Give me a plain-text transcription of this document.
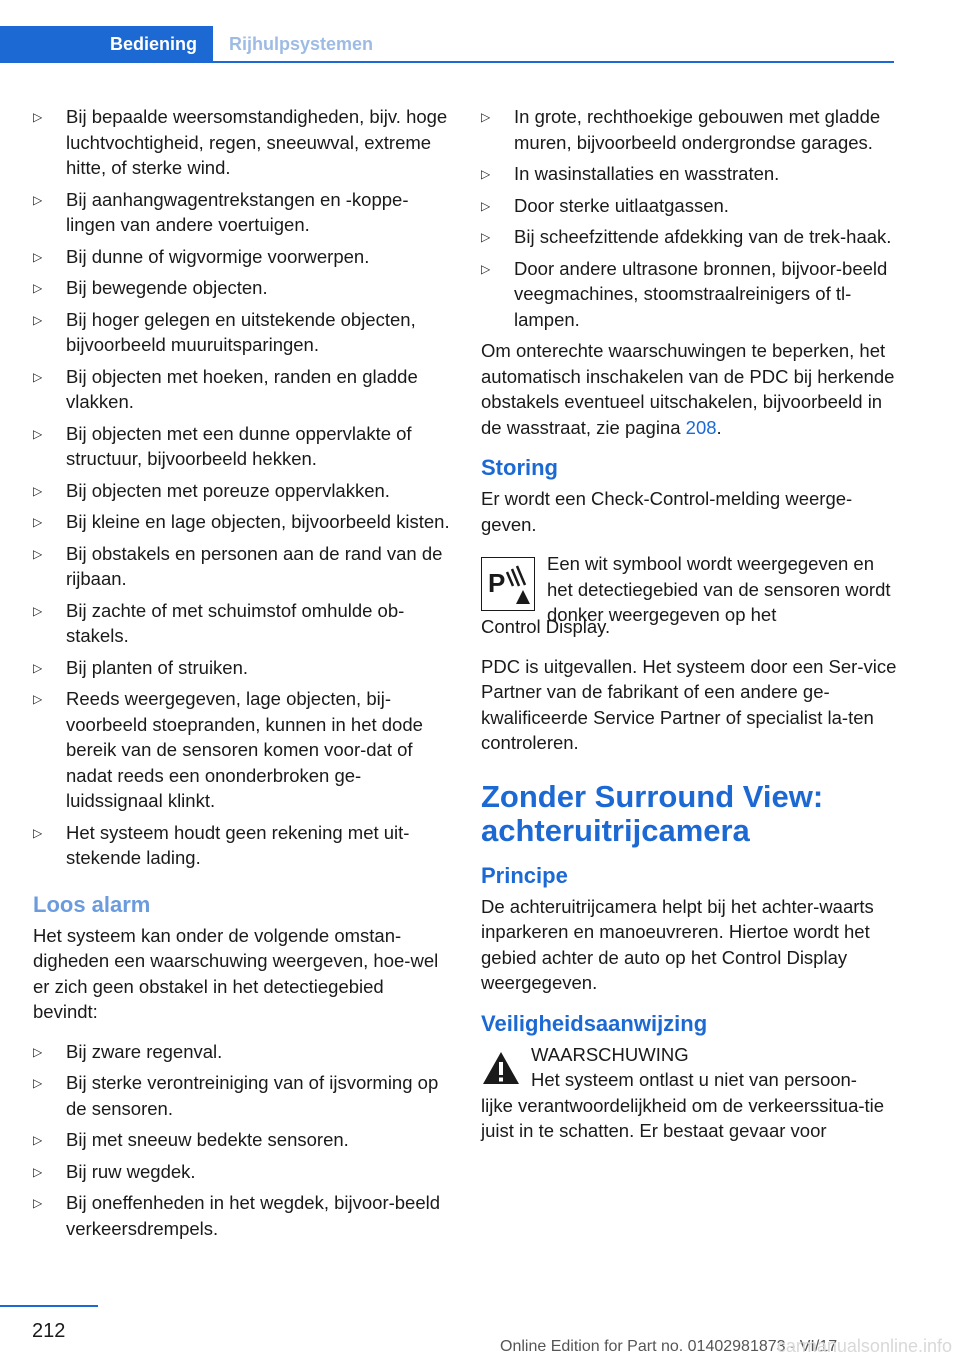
Bediening	Rijhulpsystemen
▷ Bij bepaalde weersomstandigheden, bijv. hoge luchtvochtigheid, regen, sneeuwval, extreme hitte, of sterke wind.
▷ Bij aanhangwagentrekstangen en -koppe-lingen van andere voertuigen.
▷ Bij dunne of wigvormige voorwerpen.
▷ Bij bewegende objecten.
▷ Bij hoger gelegen en uitstekende objecten, bijvoorbeeld muuruitsparingen.
▷ Bij objecten met hoeken, randen en gladde vlakken.
▷ Bij objecten met een dunne oppervlakte of structuur, bijvoorbeeld hekken.
▷ Bij objecten met poreuze oppervlakken.
▷ Bij kleine en lage objecten, bijvoorbeeld kisten.
▷ Bij obstakels en personen aan de rand van de rijbaan.
▷ Bij zachte of met schuimstof omhulde ob-stakels.
▷ Bij planten of struiken.
▷ Reeds weergegeven, lage objecten, bij-voorbeeld stoepranden, kunnen in het dode bereik van de sensoren komen voor-dat of nadat reeds een ononderbroken ge-luidssignaal klinkt.
▷ Het systeem houdt geen rekening met uit-stekende lading.
Loos alarm

Het systeem kan onder de volgende omstan-digheden een waarschuwing weergeven, hoe-wel er zich geen obstakel in het detectiegebied bevindt:

▷ Bij zware regenval.
▷ Bij sterke verontreiniging van of ijsvorming op de sensoren.
▷ Bij met sneeuw bedekte sensoren.
▷ Bij ruw wegdek.
▷ Bij oneffenheden in het wegdek, bijvoor-beeld verkeersdrempels.
▷ In grote, rechthoekige gebouwen met gladde muren, bijvoorbeeld ondergrondse garages.
▷ In wasinstallaties en wasstraten.
▷ Door sterke uitlaatgassen.
▷ Bij scheefzittende afdekking van de trek-haak.
▷ Door andere ultrasone bronnen, bijvoor-beeld veegmachines, stoomstraalreinigers of tl-lampen.

Om onterechte waarschuwingen te beperken, het automatisch inschakelen van de PDC bij herkende obstakels eventueel uitschakelen, bijvoorbeeld in de wasstraat, zie pagina 208.

Storing

Er wordt een Check-Control-melding weerge-geven.

P

Een wit symbool wordt weergegeven en het detectiegebied van de sensoren wordt donker weergegeven op het

Control Display.

PDC is uitgevallen. Het systeem door een Ser-vice Partner van de fabrikant of een andere ge-kwalificeerde Service Partner of specialist la-ten controleren.

Zonder Surround View: achteruitrijcamera
Principe

De achteruitrijcamera helpt bij het achter-waarts inparkeren en manoeuvreren. Hiertoe wordt het gebied achter de auto op het Control Display weergegeven.

Veiligheidsaanwijzing
WAARSCHUWING
Het systeem ontlast u niet van persoon-
lijke verantwoordelijkheid om de verkeerssitua-tie juist in te schatten. Er bestaat gevaar voor
212
Online Edition for Part no. 01402981873 - VI/17
carmanualsonline.info
